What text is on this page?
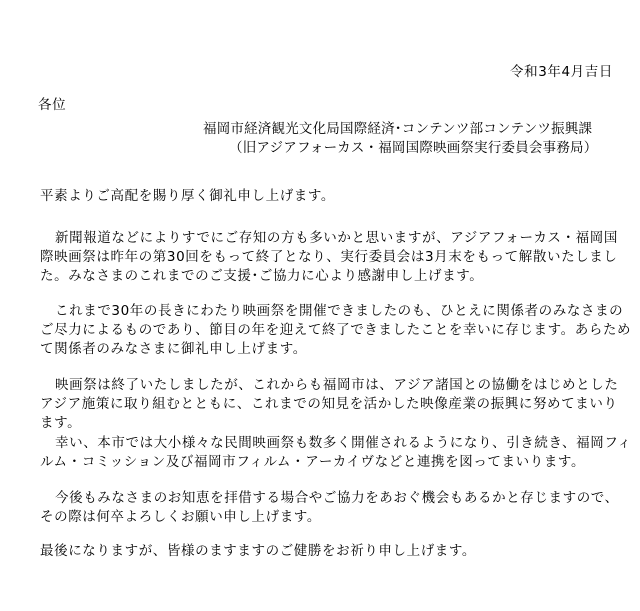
令和3年4月吉日
各位
福岡市経済観光文化局国際経済･コンテンツ部コンテンツ振興課
（旧アジアフォーカス・福岡国際映画祭実行委員会事務局）
平素よりご高配を賜り厚く御礼申し上げます。
新聞報道などによりすでにご存知の方も多いかと思いますが、アジアフォーカス・福岡国
際映画祭は昨年の第30回をもって終了となり、実行委員会は3月末をもって解散いたしまし
た。みなさまのこれまでのご支援･ご協力に心より感謝申し上げます。
これまで30年の長きにわたり映画祭を開催できましたのも、ひとえに関係者のみなさまの
ご尽力によるものであり、節目の年を迎えて終了できましたことを幸いに存じます。あらため
て関係者のみなさまに御礼申し上げます。
映画祭は終了いたしましたが、これからも福岡市は、アジア諸国との協働をはじめとした
アジア施策に取り組むとともに、これまでの知見を活かした映像産業の振興に努めてまいり
ます。
幸い、本市では大小様々な民間映画祭も数多く開催されるようになり、引き続き、福岡フィ
ルム・コミッション及び福岡市フィルム・アーカイヴなどと連携を図ってまいります。
今後もみなさまのお知恵を拝借する場合やご協力をあおぐ機会もあるかと存じますので、
その際は何卒よろしくお願い申し上げます。
最後になりますが、皆様のますますのご健勝をお祈り申し上げます。
